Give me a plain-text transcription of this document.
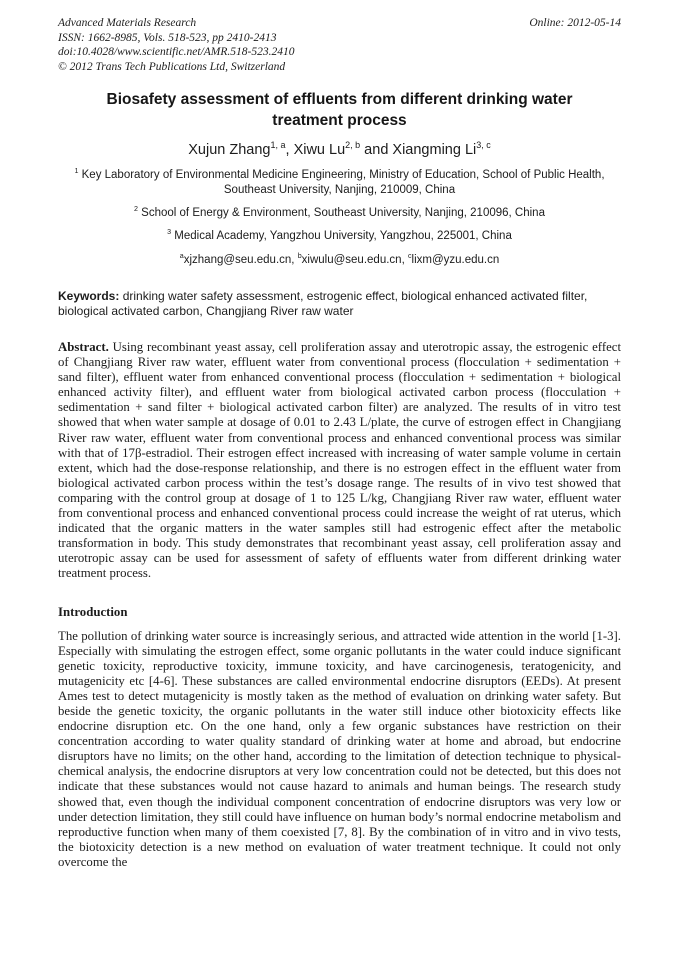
Advanced Materials Research
ISSN: 1662-8985, Vols. 518-523, pp 2410-2413
doi:10.4028/www.scientific.net/AMR.518-523.2410
© 2012 Trans Tech Publications Ltd, Switzerland
Online: 2012-05-14
Biosafety assessment of effluents from different drinking water treatment process
Xujun Zhang$^{1, a}$, Xiwu Lu$^{2, b}$ and Xiangming Li$^{3, c}$
$^1$ Key Laboratory of Environmental Medicine Engineering, Ministry of Education, School of Public Health, Southeast University, Nanjing, 210009, China
$^2$ School of Energy & Environment, Southeast University, Nanjing, 210096, China
$^3$ Medical Academy, Yangzhou University, Yangzhou, 225001, China
$^a$xjzhang@seu.edu.cn, $^b$xiwulu@seu.edu.cn, $^c$lixm@yzu.edu.cn

Keywords: drinking water safety assessment, estrogenic effect, biological enhanced activated filter, biological activated carbon, Changjiang River raw water

Abstract. Using recombinant yeast assay, cell proliferation assay and uterotropic assay, the estrogenic effect of Changjiang River raw water, effluent water from conventional process (flocculation + sedimentation + sand filter), effluent water from enhanced conventional process (flocculation + sedimentation + biological enhanced activity filter), and effluent water from biological activated carbon process (flocculation + sedimentation + sand filter + biological activated carbon filter) are analyzed. The results of in vitro test showed that when water sample at dosage of 0.01 to 2.43 L/plate, the curve of estrogen effect in Changjiang River raw water, effluent water from conventional process and enhanced conventional process was similar with that of 17β-estradiol. Their estrogen effect increased with increasing of water sample volume in certain extent, which had the dose-response relationship, and there is no estrogen effect in the effluent water from biological activated carbon process within the test’s dosage range. The results of in vivo test showed that comparing with the control group at dosage of 1 to 125 L/kg, Changjiang River raw water, effluent water from conventional process and enhanced conventional process could increase the weight of rat uterus, which indicated that the organic matters in the water samples still had estrogenic effect after the metabolic transformation in body. This study demonstrates that recombinant yeast assay, cell proliferation assay and uterotropic assay can be used for assessment of safety of effluents water from different drinking water treatment process.

Introduction

The pollution of drinking water source is increasingly serious, and attracted wide attention in the world [1-3]. Especially with simulating the estrogen effect, some organic pollutants in the water could induce significant genetic toxicity, reproductive toxicity, immune toxicity, and have carcinogenesis, teratogenicity, and mutagenicity etc [4-6]. These substances are called environmental endocrine disruptors (EEDs). At present Ames test to detect mutagenicity is mostly taken as the method of evaluation on drinking water safety. But beside the genetic toxicity, the organic pollutants in the water still induce other biotoxicity effects like endocrine disruption etc. On the one hand, only a few organic substances have restriction on their concentration according to water quality standard of drinking water at home and abroad, but endocrine disruptors have no limits; on the other hand, according to the limitation of detection technique to physical-chemical analysis, the endocrine disruptors at very low concentration could not be detected, but this does not indicate that these substances would not cause hazard to animals and human beings. The research study showed that, even though the individual component concentration of endocrine disruptors was very low or under detection limitation, they still could have influence on human body’s normal endocrine metabolism and reproductive function when many of them coexisted [7, 8]. By the combination of in vitro and in vivo tests, the biotoxicity detection is a new method on evaluation of water treatment technique. It could not only overcome the
